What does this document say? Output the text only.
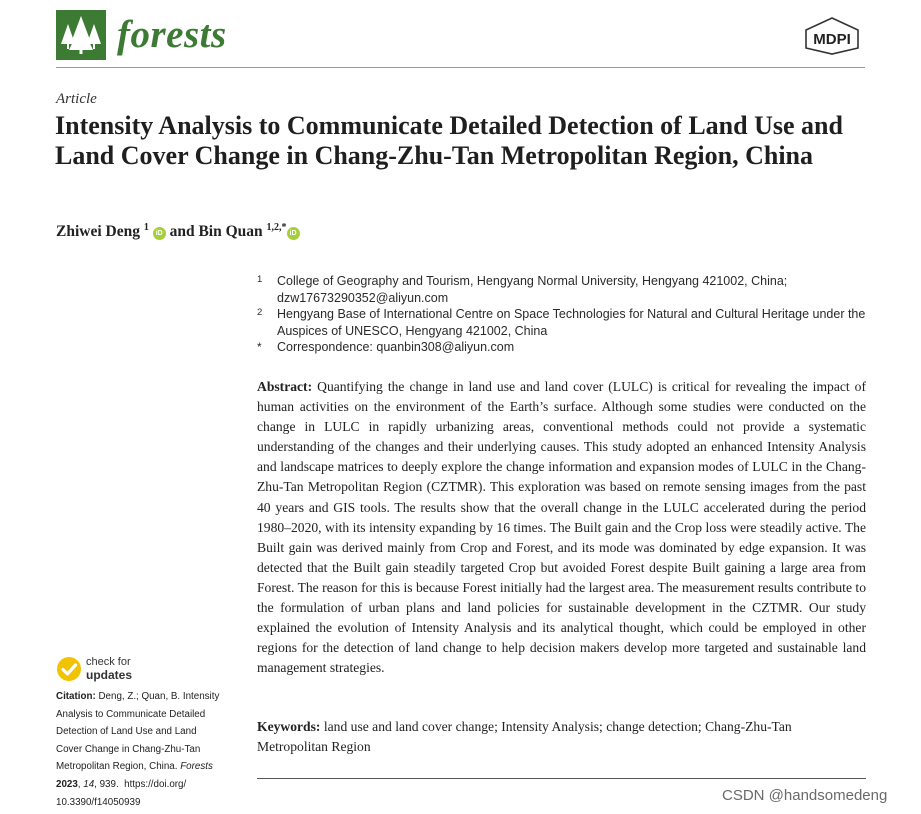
forests	MDPI
Article
Intensity Analysis to Communicate Detailed Detection of Land Use and Land Cover Change in Chang-Zhu-Tan Metropolitan Region, China
Zhiwei Deng $^1$ iD and Bin Quan $^{1,2,*}$iD
1 College of Geography and Tourism, Hengyang Normal University, Hengyang 421002, China;
dzw17673290352@aliyun.com
2 Hengyang Base of International Centre on Space Technologies for Natural and Cultural Heritage under the
Auspices of UNESCO, Hengyang 421002, China
* Correspondence: quanbin308@aliyun.com

Abstract: Quantifying the change in land use and land cover (LULC) is critical for revealing the impact of human activities on the environment of the Earth’s surface. Although some studies were conducted on the change in LULC in rapidly urbanizing areas, conventional methods could not provide a systematic understanding of the changes and their underlying causes. This study adopted an enhanced Intensity Analysis and landscape matrices to deeply explore the change information and expansion modes of LULC in the Chang-Zhu-Tan Metropolitan Region (CZTMR). This exploration was based on remote sensing images from the past 40 years and GIS tools. The results show that the overall change in the LULC accelerated during the period 1980–2020, with its intensity expanding by 16 times. The Built gain and the Crop loss were steadily active. The Built gain was derived mainly from Crop and Forest, and its mode was dominated by edge expansion. It was detected that the Built gain steadily targeted Crop but avoided Forest despite Built gaining a large area from Forest. The reason for this is because Forest initially had the largest area. The measurement results contribute to the formulation of urban plans and land policies for sustainable development in the CZTMR. Our study explained the evolution of Intensity Analysis and its analytical thought, which could be employed in other regions for the detection of land change to help decision makers develop more targeted and sustainable land management strategies.

Keywords: land use and land cover change; Intensity Analysis; change detection; Chang-Zhu-Tan Metropolitan Region

check for
updates
Citation: Deng, Z.; Quan, B. Intensity
Analysis to Communicate Detailed
Detection of Land Use and Land
Cover Change in Chang-Zhu-Tan
Metropolitan Region, China. Forests
2023, 14, 939. https://doi.org/
10.3390/f14050939	CSDN @handsomedeng
